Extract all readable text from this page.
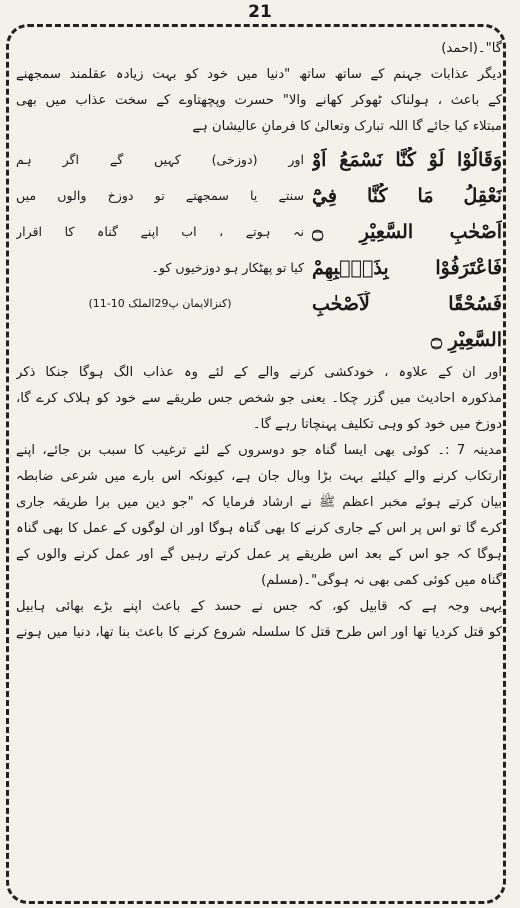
21
گا"۔(احمد)
دیگر عذابات جہنم کے ساتھ ساتھ "دنیا میں خود کو بہت زیادہ عقلمند سمجھنے
کے باعث ، ہولناک ٹھوکر کھانے والا" حسرت وپچھتاوے کے سخت عذاب میں بھی
مبتلاء کیا جائے گا اللہ تبارک وتعالیٰ کا فرمانِ عالیشان ہے
وَقَالُوْا لَوْ كُنَّا نَسْمَعُ اَوْ
اور (دوزخی) کہیں گے اگر ہم
نَعْقِلُ مَا كُنَّا فِيْٓ
سنتے یا سمجھتے تو دوزخ والوں میں
اَصْحٰبِ السَّعِيْرِ ۝
نہ ہوتے ، اب اپنے گناہ کا اقرار
فَاعْتَرَفُوْا بِذَنْۢبِهِمْ
کیا تو پھٹکار ہو دوزخیوں کو۔
فَسُحْقًا لِّاَصْحٰبِ
(کنزالایمان پ29الملک 10-11)
السَّعِيْرِ ۝
اور ان کے علاوہ ، خودکشی کرنے والے کے لئے وہ عذاب الگ ہوگا جنکا ذکر
مذکورہ احادیث میں گزر چکا۔ یعنی جو شخص جس طریقے سے خود کو ہلاک کرے گا،
دوزخ میں خود کو وہی تکلیف پہنچاتا رہے گا۔
مدینہ 7 :۔ کوئی بھی ایسا گناہ جو دوسروں کے لئے ترغیب کا سبب بن جائے، اپنے
ارتکاب کرنے والے کیلئے بہت بڑا وبال جان ہے، کیونکہ اس بارے میں شرعی ضابطہ
بیان کرتے ہوئے مخبر اعظم ﷺ نے ارشاد فرمایا کہ "جو دین میں برا طریقہ جاری
کرے گا تو اس پر اس کے جاری کرنے کا بھی گناہ ہوگا اور ان لوگوں کے عمل کا بھی گناہ
ہوگا کہ جو اس کے بعد اس طریقے پر عمل کرتے رہیں گے اور عمل کرنے والوں کے
گناہ میں کوئی کمی بھی نہ ہوگی"۔(مسلم)
یہی وجہ ہے کہ قابیل کو، کہ جس نے حسد کے باعث اپنے بڑے بھائی ہابیل
کو قتل کردیا تھا اور اس طرح قتل کا سلسلہ شروع کرنے کا باعث بنا تھا، دنیا میں ہونے
